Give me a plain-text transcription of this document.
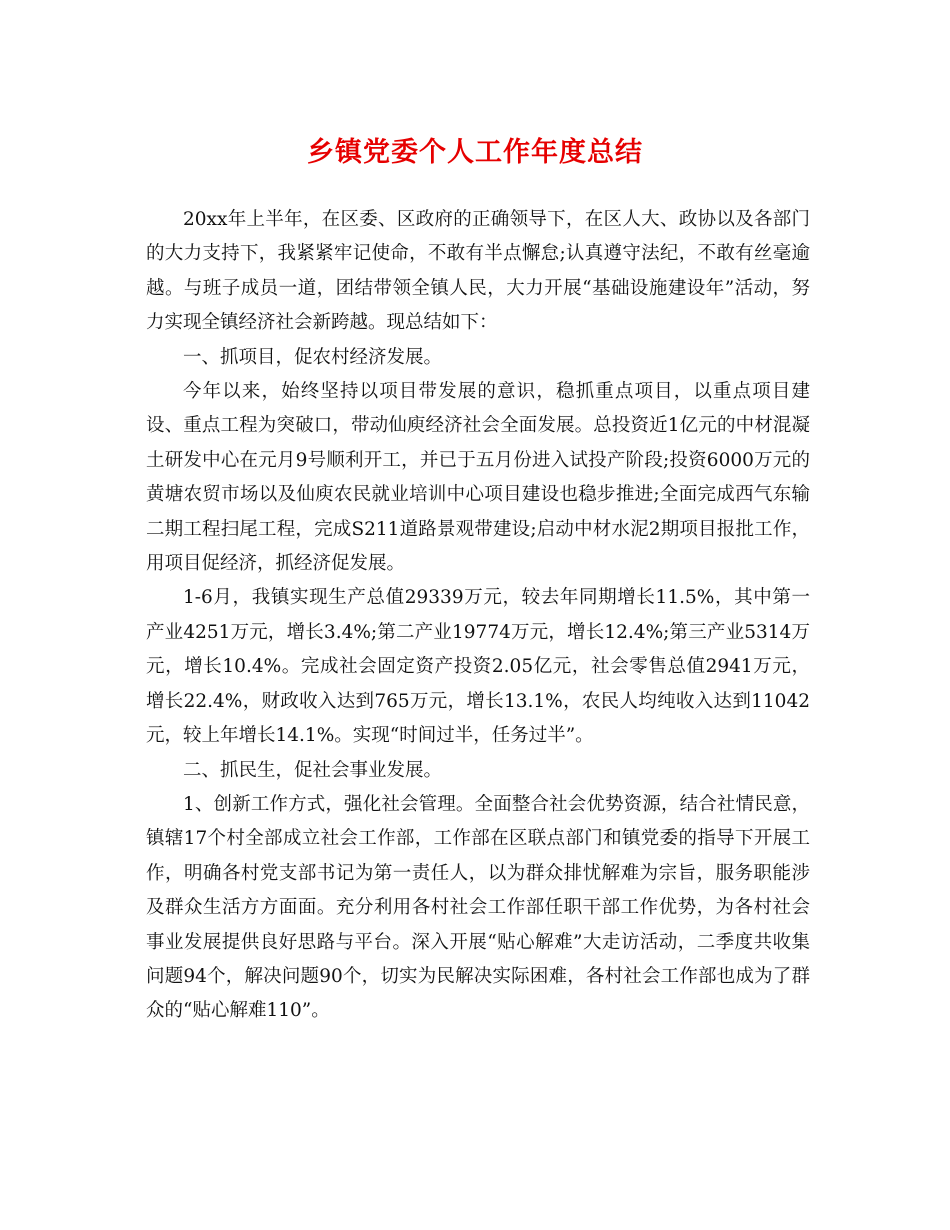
乡镇党委个人工作年度总结

20xx年上半年，在区委、区政府的正确领导下，在区人大、政协以及各部门的大力支持下，我紧紧牢记使命，不敢有半点懈怠;认真遵守法纪，不敢有丝毫逾越。与班子成员一道，团结带领全镇人民，大力开展“基础设施建设年”活动，努力实现全镇经济社会新跨越。现总结如下：

一、抓项目，促农村经济发展。

今年以来，始终坚持以项目带发展的意识，稳抓重点项目，以重点项目建设、重点工程为突破口，带动仙庾经济社会全面发展。总投资近1亿元的中材混凝土研发中心在元月9号顺利开工，并已于五月份进入试投产阶段;投资6000万元的黄塘农贸市场以及仙庾农民就业培训中心项目建设也稳步推进;全面完成西气东输二期工程扫尾工程，完成S211道路景观带建设;启动中材水泥2期项目报批工作，用项目促经济，抓经济促发展。

1-6月，我镇实现生产总值29339万元，较去年同期增长11.5%，其中第一产业4251万元，增长3.4%;第二产业19774万元，增长12.4%;第三产业5314万元，增长10.4%。完成社会固定资产投资2.05亿元，社会零售总值2941万元，增长22.4%，财政收入达到765万元，增长13.1%，农民人均纯收入达到11042元，较上年增长14.1%。实现“时间过半，任务过半”。

二、抓民生，促社会事业发展。

1、创新工作方式，强化社会管理。全面整合社会优势资源，结合社情民意，镇辖17个村全部成立社会工作部，工作部在区联点部门和镇党委的指导下开展工作，明确各村党支部书记为第一责任人，以为群众排忧解难为宗旨，服务职能涉及群众生活方方面面。充分利用各村社会工作部任职干部工作优势，为各村社会事业发展提供良好思路与平台。深入开展“贴心解难”大走访活动，二季度共收集问题94个，解决问题90个，切实为民解决实际困难，各村社会工作部也成为了群众的“贴心解难110”。
